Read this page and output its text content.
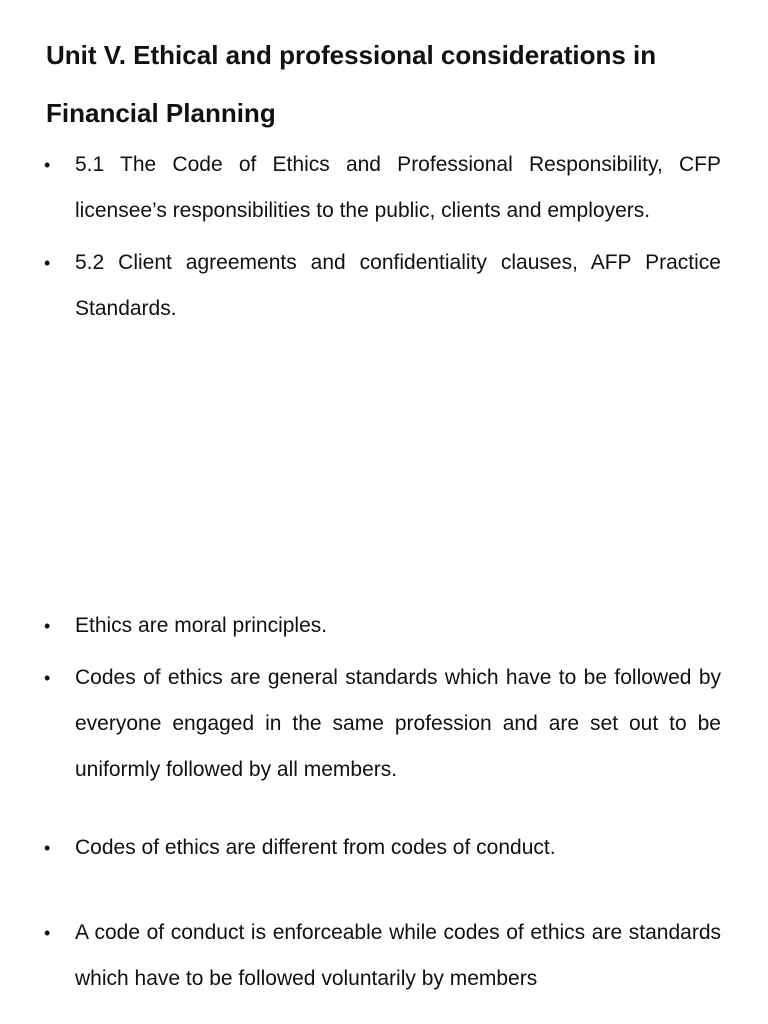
Unit V. Ethical and professional considerations in Financial Planning
• 5.1 The Code of Ethics and Professional Responsibility, CFP licensee’s responsibilities to the public, clients and employers.
• 5.2 Client agreements and confidentiality clauses, AFP Practice Standards.
• Ethics are moral principles.
• Codes of ethics are general standards which have to be followed by everyone engaged in the same profession and are set out to be uniformly followed by all members.
• Codes of ethics are different from codes of conduct.
• A code of conduct is enforceable while codes of ethics are standards which have to be followed voluntarily by members
